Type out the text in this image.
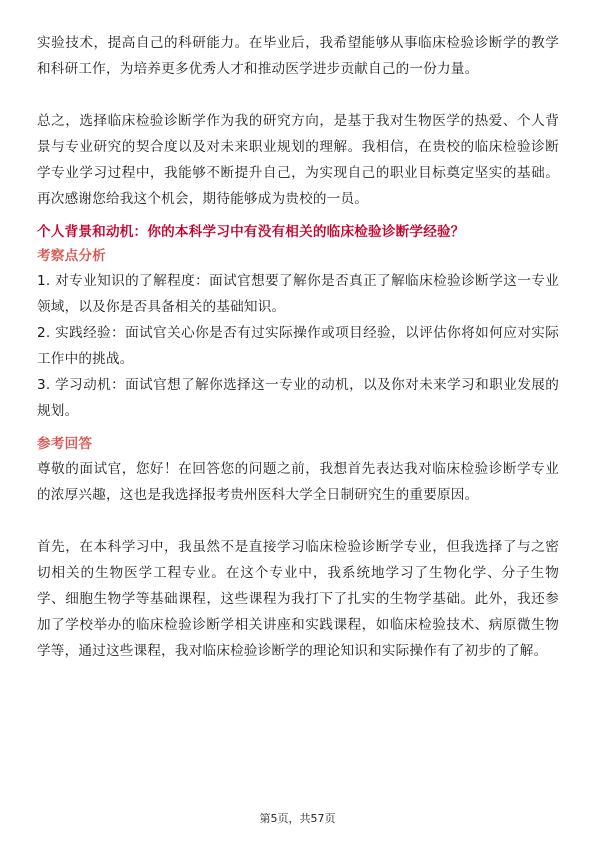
实验技术，提高自己的科研能力。在毕业后，我希望能够从事临床检验诊断学的教学和科研工作，为培养更多优秀人才和推动医学进步贡献自己的一份力量。

总之，选择临床检验诊断学作为我的研究方向，是基于我对生物医学的热爱、个人背景与专业研究的契合度以及对未来职业规划的理解。我相信，在贵校的临床检验诊断学专业学习过程中，我能够不断提升自己，为实现自己的职业目标奠定坚实的基础。再次感谢您给我这个机会，期待能够成为贵校的一员。

个人背景和动机：你的本科学习中有没有相关的临床检验诊断学经验？
考察点分析

1. 对专业知识的了解程度：面试官想要了解你是否真正了解临床检验诊断学这一专业领域，以及你是否具备相关的基础知识。

2. 实践经验：面试官关心你是否有过实际操作或项目经验，以评估你将如何应对实际工作中的挑战。

3. 学习动机：面试官想了解你选择这一专业的动机，以及你对未来学习和职业发展的规划。

参考回答

尊敬的面试官，您好！在回答您的问题之前，我想首先表达我对临床检验诊断学专业的浓厚兴趣，这也是我选择报考贵州医科大学全日制研究生的重要原因。

首先，在本科学习中，我虽然不是直接学习临床检验诊断学专业，但我选择了与之密切相关的生物医学工程专业。在这个专业中，我系统地学习了生物化学、分子生物学、细胞生物学等基础课程，这些课程为我打下了扎实的生物学基础。此外，我还参加了学校举办的临床检验诊断学相关讲座和实践课程，如临床检验技术、病原微生物学等，通过这些课程，我对临床检验诊断学的理论知识和实际操作有了初步的了解。

第5页，共57页
